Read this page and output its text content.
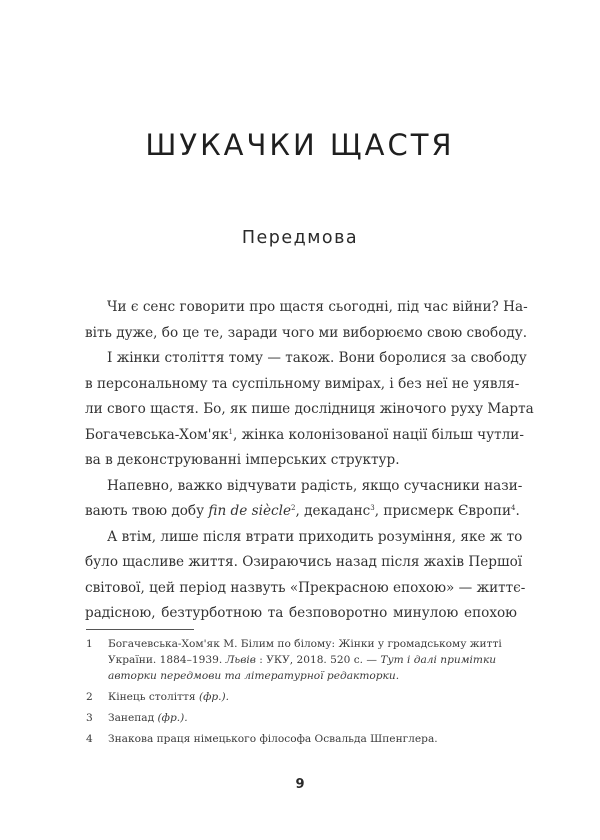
ШУКАЧКИ ЩАСТЯ
Передмова
Чи є сенс говорити про щастя сьогодні, під час війни? На-
віть дуже, бо це те, заради чого ми виборюємо свою свободу.
І жінки століття тому — також. Вони боролися за свободу
в персональному та суспільному вимірах, і без неї не уявля-
ли свого щастя. Бо, як пише дослідниця жіночого руху Марта
Богачевська-$Хом'як^1$, жінка колонізованої нації більш чутли-
ва в деконструюванні імперських структур.
Напевно, важко відчувати радість, якщо сучасники нази-
вають твою добу fin de siècle$^2$, декаданс$^3$, присмерк Європи$^4$.
А втім, лише після втрати приходить розуміння, яке ж то
було щасливе життя. Озираючись назад після жахів Першої
світової, цей період назвуть «Прекрасною епохою» — життє-
радісною, безтурботною та безповоротно минулою епохою
1	Богачевська-Хом'як М. Білим по білому: Жінки у громадському житті України. 1884–1939. Львів : УКУ, 2018. 520 с. — Тут і далі примітки авторки передмови та літературної редакторки.
2	Кінець століття (фр.).
3	Занепад (фр.).
4	Знакова праця німецького філософа Освальда Шпенглера.
9
